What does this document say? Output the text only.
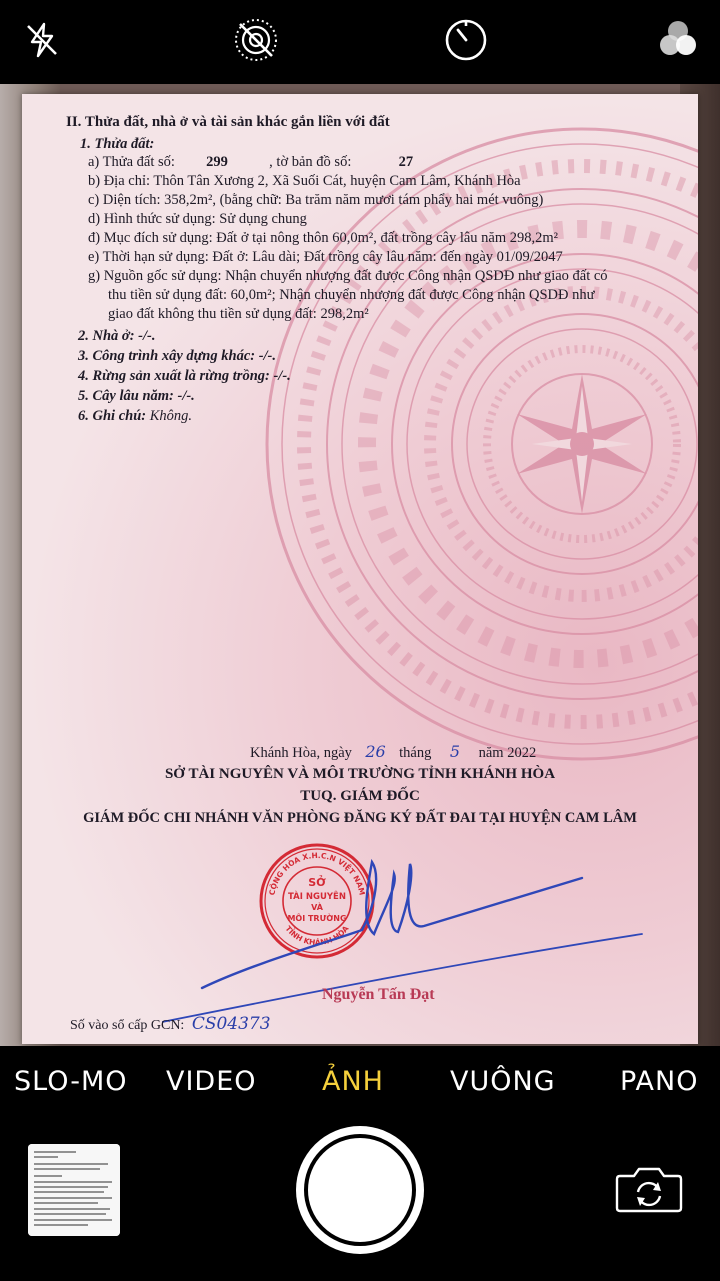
II. Thửa đất, nhà ở và tài sản khác gắn liền với đất
1. Thửa đất:
a) Thửa đất số: 299	, tờ bản đồ số:	27
b) Địa chỉ: Thôn Tân Xương 2, Xã Suối Cát, huyện Cam Lâm, Khánh Hòa
c) Diện tích: 358,2m², (bằng chữ: Ba trăm năm mươi tám phẩy hai mét vuông)
d) Hình thức sử dụng: Sử dụng chung
đ) Mục đích sử dụng: Đất ở tại nông thôn 60,0m², đất trồng cây lâu năm 298,2m²
e) Thời hạn sử dụng: Đất ở: Lâu dài; Đất trồng cây lâu năm: đến ngày 01/09/2047
g) Nguồn gốc sử dụng: Nhận chuyển nhượng đất được Công nhận QSDĐ như giao đất có
thu tiền sử dụng đất: 60,0m²; Nhận chuyển nhượng đất được Công nhận QSDĐ như
giao đất không thu tiền sử dụng đất: 298,2m²
2. Nhà ở: -/-.
3. Công trình xây dựng khác: -/-.
4. Rừng sản xuất là rừng trồng: -/-.
5. Cây lâu năm: -/-.
6. Ghi chú: Không.
Khánh Hòa, ngày 26 tháng 5 năm 2022
SỞ TÀI NGUYÊN VÀ MÔI TRƯỜNG TỈNH KHÁNH HÒA
TUQ. GIÁM ĐỐC
GIÁM ĐỐC CHI NHÁNH VĂN PHÒNG ĐĂNG KÝ ĐẤT ĐAI TẠI HUYỆN CAM LÂM
CỘNG HÒA X.H.C.N VIỆT NAM
TỈNH KHÁNH HÒA
SỞ
TÀI NGUYÊN
VÀ
MÔI TRƯỜNG
Nguyễn Tấn Đạt
Số vào sổ cấp GCN: CS04373
SLO-MO VIDEO ẢNH VUÔNG PANO
